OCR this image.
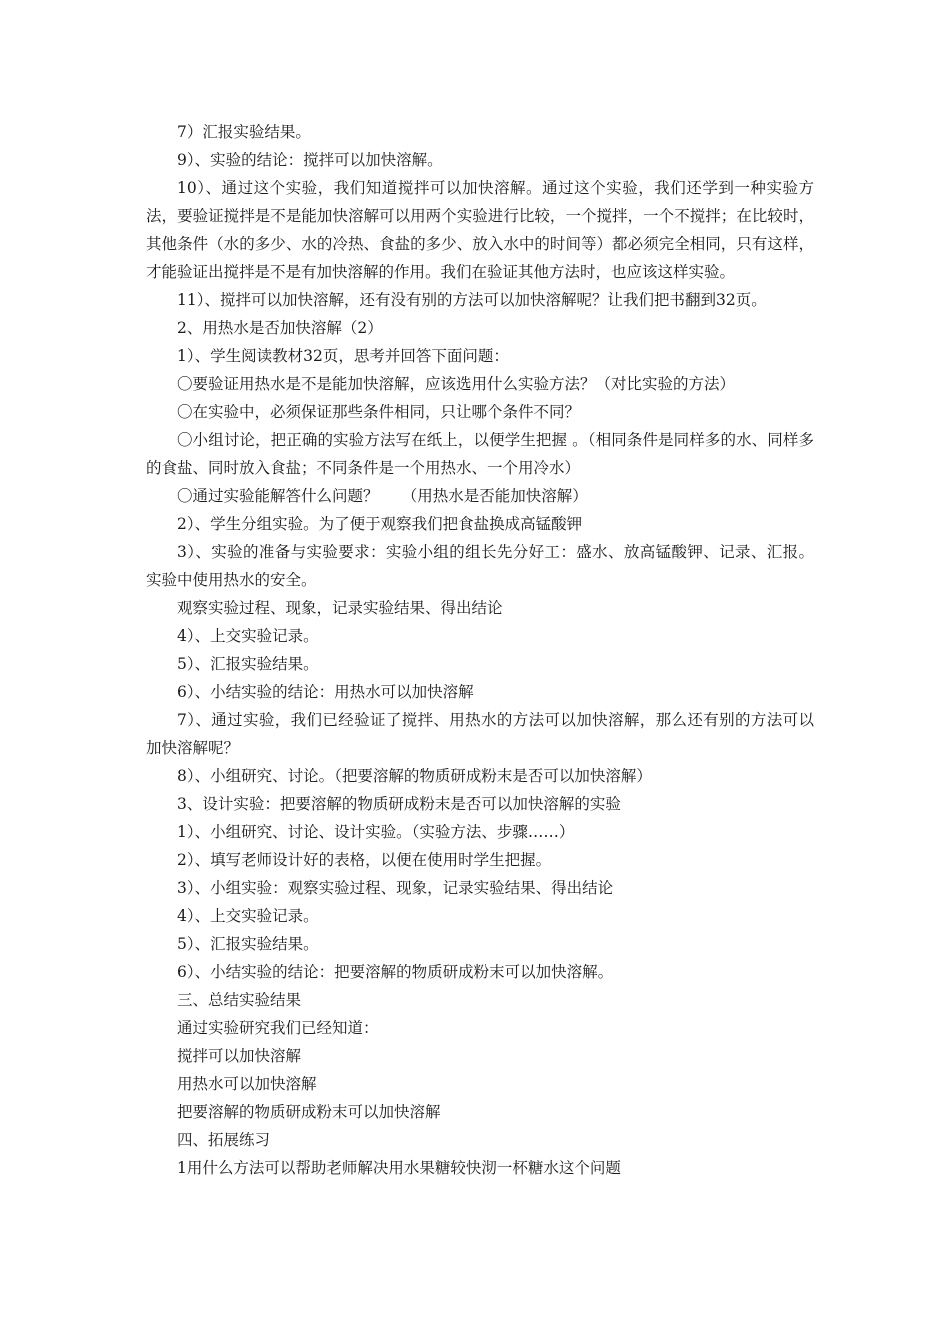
7）汇报实验结果。

9）、实验的结论：搅拌可以加快溶解。

10）、通过这个实验，我们知道搅拌可以加快溶解。通过这个实验，我们还学到一种实验方法，要验证搅拌是不是能加快溶解可以用两个实验进行比较，一个搅拌，一个不搅拌；在比较时，其他条件（水的多少、水的冷热、食盐的多少、放入水中的时间等）都必须完全相同，只有这样，才能验证出搅拌是不是有加快溶解的作用。我们在验证其他方法时，也应该这样实验。

11）、搅拌可以加快溶解，还有没有别的方法可以加快溶解呢？让我们把书翻到32页。

2、用热水是否加快溶解（2）

1）、学生阅读教材32页，思考并回答下面问题：

〇要验证用热水是不是能加快溶解，应该选用什么实验方法？（对比实验的方法）

〇在实验中，必须保证那些条件相同，只让哪个条件不同？

〇小组讨论，把正确的实验方法写在纸上，以便学生把握 。（相同条件是同样多的水、同样多的食盐、同时放入食盐；不同条件是一个用热水、一个用冷水）

〇通过实验能解答什么问题？　　（用热水是否能加快溶解）

2）、学生分组实验。为了便于观察我们把食盐换成高锰酸钾

3）、实验的准备与实验要求：实验小组的组长先分好工：盛水、放高锰酸钾、记录、汇报。实验中使用热水的安全。

观察实验过程、现象，记录实验结果、得出结论

4）、上交实验记录。

5）、汇报实验结果。

6）、小结实验的结论：用热水可以加快溶解

7）、通过实验，我们已经验证了搅拌、用热水的方法可以加快溶解，那么还有别的方法可以加快溶解呢？

8）、小组研究、讨论。（把要溶解的物质研成粉末是否可以加快溶解）

3、设计实验：把要溶解的物质研成粉末是否可以加快溶解的实验

1）、小组研究、讨论、设计实验。（实验方法、步骤……）

2）、填写老师设计好的表格，以便在使用时学生把握。

3）、小组实验：观察实验过程、现象，记录实验结果、得出结论

4）、上交实验记录。

5）、汇报实验结果。

6）、小结实验的结论：把要溶解的物质研成粉末可以加快溶解。

三、总结实验结果

通过实验研究我们已经知道：

搅拌可以加快溶解

用热水可以加快溶解

把要溶解的物质研成粉末可以加快溶解

四、拓展练习

1用什么方法可以帮助老师解决用水果糖较快沏一杯糖水这个问题
